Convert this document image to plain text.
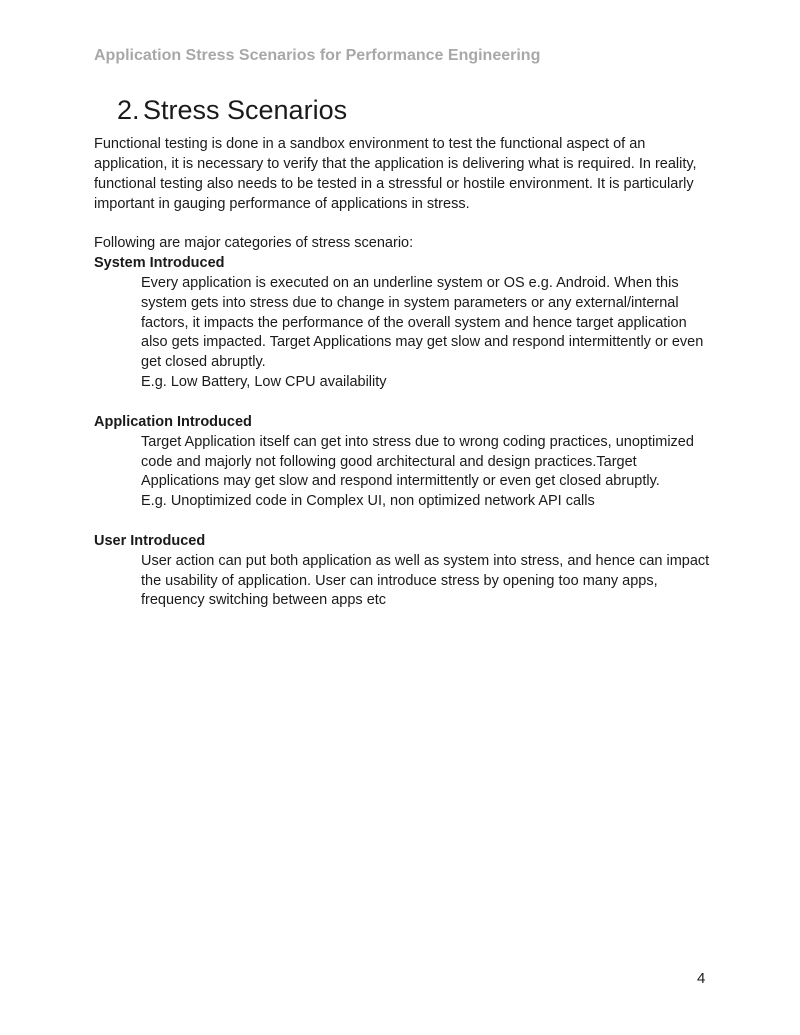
Application Stress Scenarios for Performance Engineering
2. Stress Scenarios

Functional testing is done in a sandbox environment to test the functional aspect of an application, it is necessary to verify that the application is delivering what is required. In reality, functional testing also needs to be tested in a stressful or hostile environment. It is particularly important in gauging performance of applications in stress.

Following are major categories of stress scenario:

System Introduced

Every application is executed on an underline system or OS e.g. Android. When this system gets into stress due to change in system parameters or any external/internal factors, it impacts the performance of the overall system and hence target application also gets impacted. Target Applications may get slow and respond intermittently or even get closed abruptly.

E.g. Low Battery, Low CPU availability

Application Introduced

Target Application itself can get into stress due to wrong coding practices, unoptimized code and majorly not following good architectural and design practices.Target Applications may get slow and respond intermittently or even get closed abruptly.

E.g. Unoptimized code in Complex UI, non optimized network API calls

User Introduced

User action can put both application as well as system into stress, and hence can impact the usability of application. User can introduce stress by opening too many apps, frequency switching between apps etc

4
